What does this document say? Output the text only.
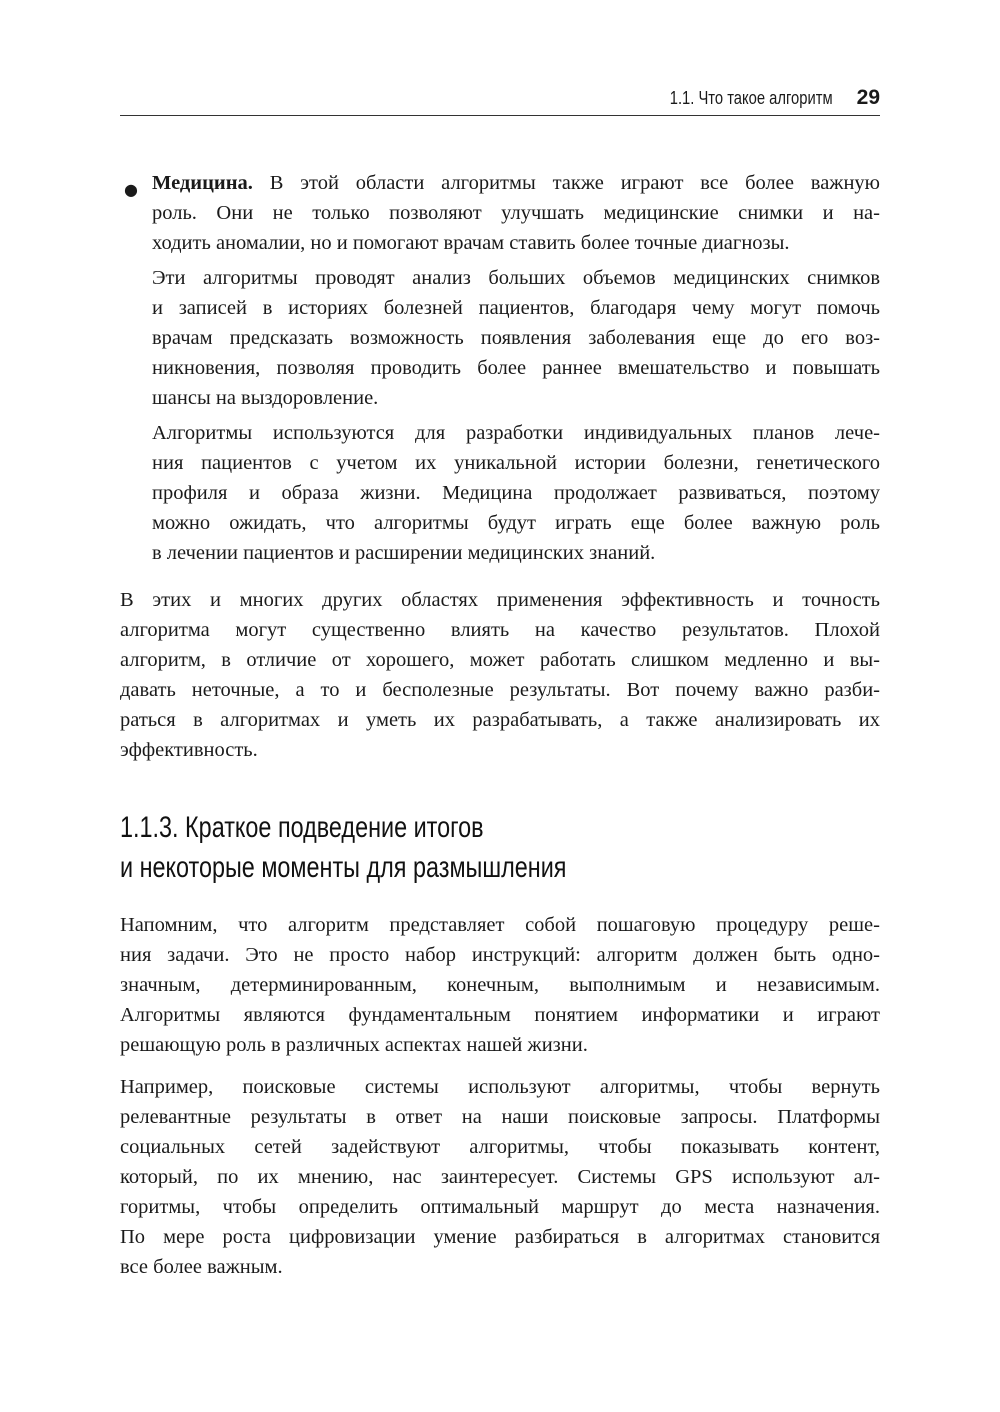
1.1. Что такое алгоритм 29
● Медицина. В этой области алгоритмы также играют все более важную
роль. Они не только позволяют улучшать медицинские снимки и на-
ходить аномалии, но и помогают врачам ставить более точные диагнозы.
Эти алгоритмы проводят анализ больших объемов медицинских снимков
и записей в историях болезней пациентов, благодаря чему могут помочь
врачам предсказать возможность появления заболевания еще до его воз-
никновения, позволяя проводить более раннее вмешательство и повышать
шансы на выздоровление.
Алгоритмы используются для разработки индивидуальных планов лече-
ния пациентов с учетом их уникальной истории болезни, генетического
профиля и образа жизни. Медицина продолжает развиваться, поэтому
можно ожидать, что алгоритмы будут играть еще более важную роль
в лечении пациентов и расширении медицинских знаний.
В этих и многих других областях применения эффективность и точность
алгоритма могут существенно влиять на качество результатов. Плохой
алгоритм, в отличие от хорошего, может работать слишком медленно и вы-
давать неточные, а то и бесполезные результаты. Вот почему важно разби-
раться в алгоритмах и уметь их разрабатывать, а также анализировать их
эффективность.
1.1.3. Краткое подведение итогов
и некоторые моменты для размышления
Напомним, что алгоритм представляет собой пошаговую процедуру реше-
ния задачи. Это не просто набор инструкций: алгоритм должен быть одно-
значным, детерминированным, конечным, выполнимым и независимым.
Алгоритмы являются фундаментальным понятием информатики и играют
решающую роль в различных аспектах нашей жизни.
Например, поисковые системы используют алгоритмы, чтобы вернуть
релевантные результаты в ответ на наши поисковые запросы. Платформы
социальных сетей задействуют алгоритмы, чтобы показывать контент,
который, по их мнению, нас заинтересует. Системы GPS используют ал-
горитмы, чтобы определить оптимальный маршрут до места назначения.
По мере роста цифровизации умение разбираться в алгоритмах становится
все более важным.
